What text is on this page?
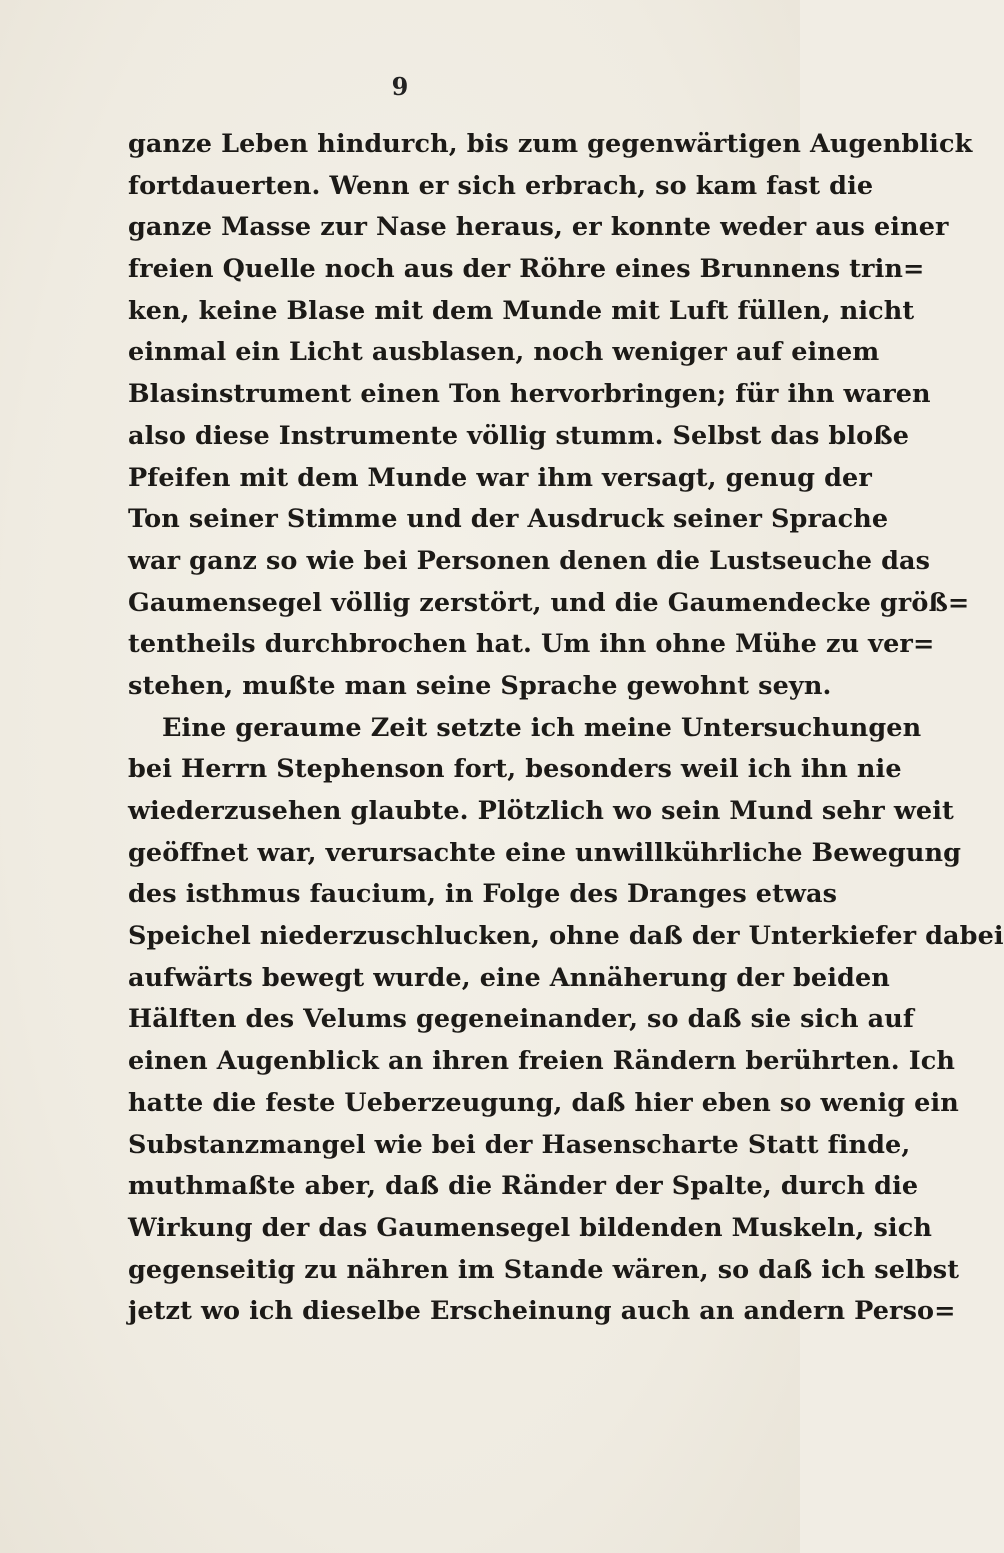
9
ganze Leben hindurch, bis zum gegenwärtigen Augenblick
fortdauerten. Wenn er sich erbrach, so kam fast die
ganze Masse zur Nase heraus, er konnte weder aus einer
freien Quelle noch aus der Röhre eines Brunnens trin=
ken, keine Blase mit dem Munde mit Luft füllen, nicht
einmal ein Licht ausblasen, noch weniger auf einem
Blasinstrument einen Ton hervorbringen; für ihn waren
also diese Instrumente völlig stumm. Selbst das bloße
Pfeifen mit dem Munde war ihm versagt, genug der
Ton seiner Stimme und der Ausdruck seiner Sprache
war ganz so wie bei Personen denen die Lustseuche das
Gaumensegel völlig zerstört, und die Gaumendecke größ=
tentheils durchbrochen hat. Um ihn ohne Mühe zu ver=
stehen, mußte man seine Sprache gewohnt seyn.
Eine geraume Zeit setzte ich meine Untersuchungen
bei Herrn Stephenson fort, besonders weil ich ihn nie
wiederzusehen glaubte. Plötzlich wo sein Mund sehr weit
geöffnet war, verursachte eine unwillkührliche Bewegung
des isthmus faucium, in Folge des Dranges etwas
Speichel niederzuschlucken, ohne daß der Unterkiefer dabei
aufwärts bewegt wurde, eine Annäherung der beiden
Hälften des Velums gegeneinander, so daß sie sich auf
einen Augenblick an ihren freien Rändern berührten. Ich
hatte die feste Ueberzeugung, daß hier eben so wenig ein
Substanzmangel wie bei der Hasenscharte Statt finde,
muthmaßte aber, daß die Ränder der Spalte, durch die
Wirkung der das Gaumensegel bildenden Muskeln, sich
gegenseitig zu nähren im Stande wären, so daß ich selbst
jetzt wo ich dieselbe Erscheinung auch an andern Perso=
